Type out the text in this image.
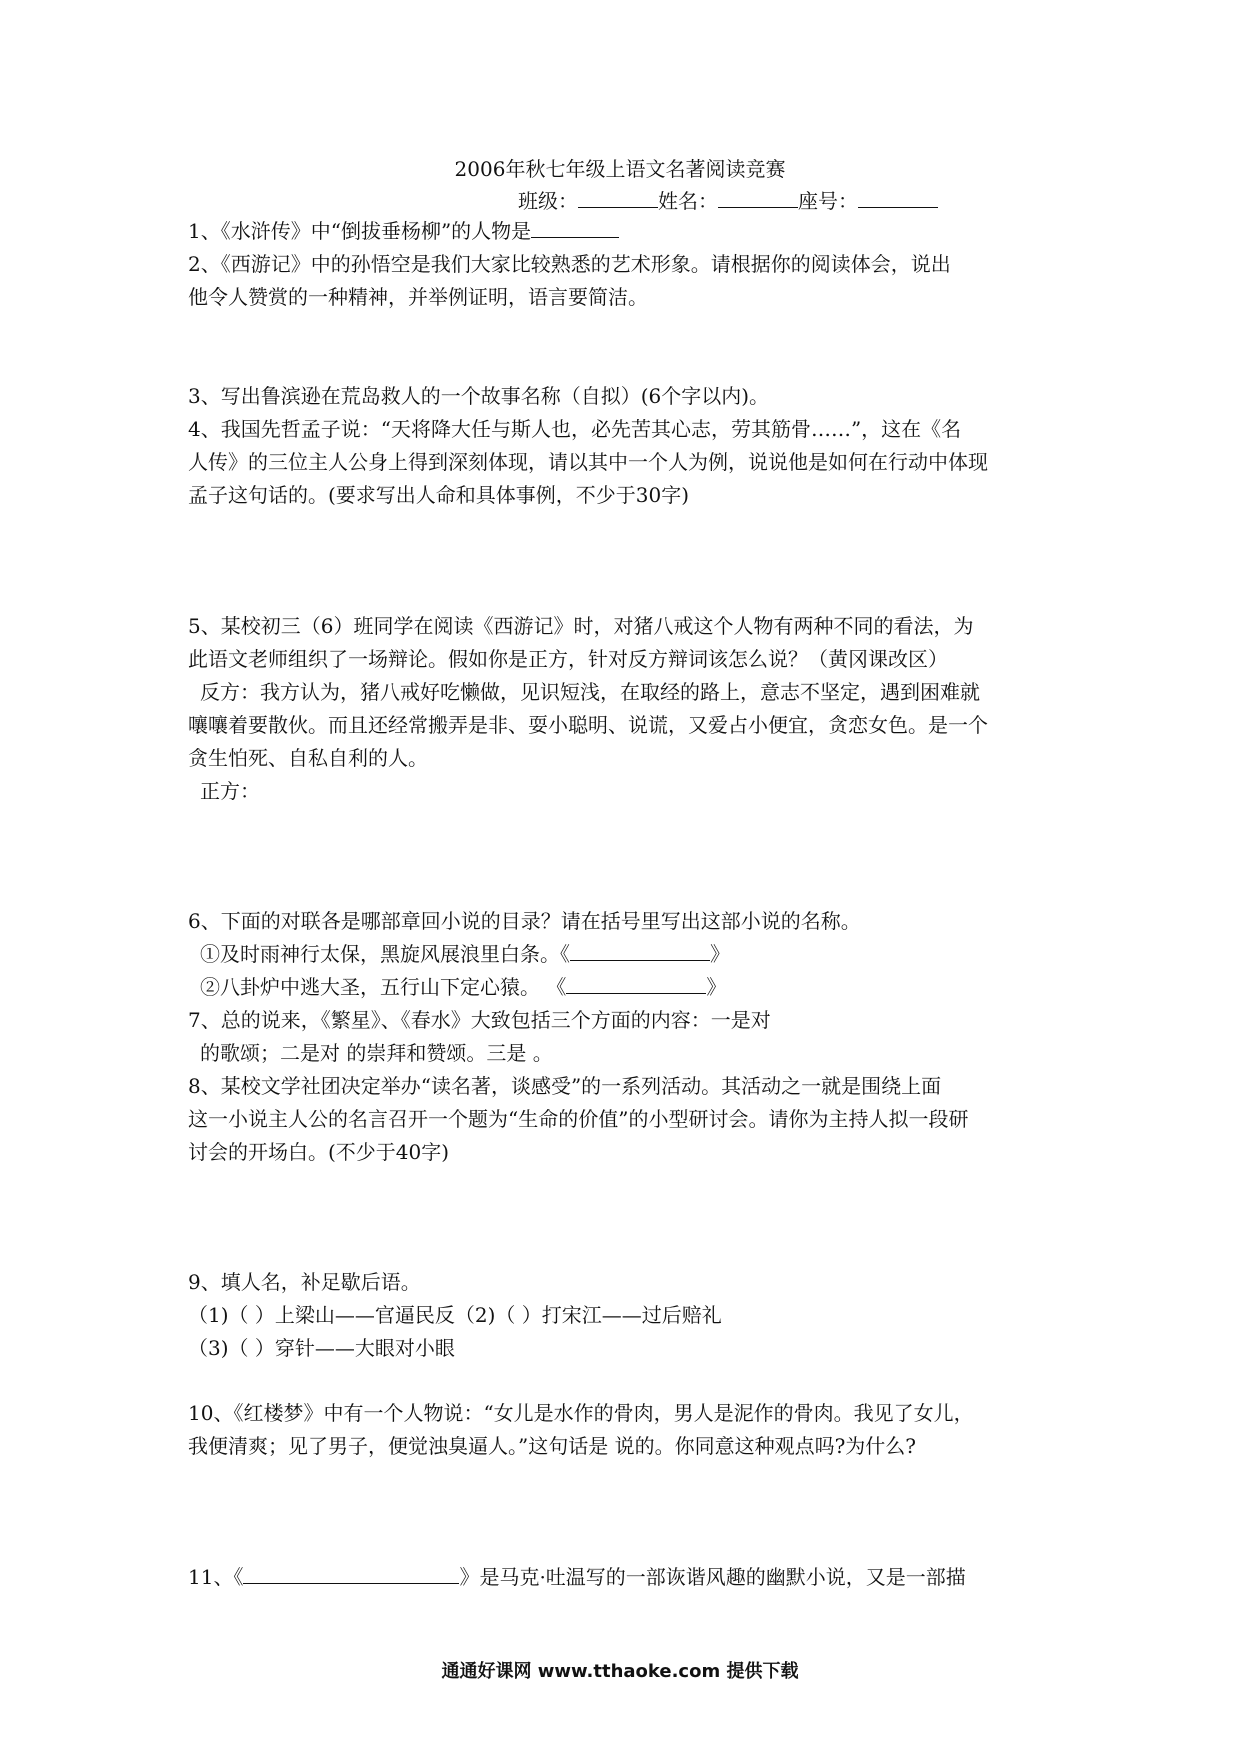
2006年秋七年级上语文名著阅读竞赛
班级：	姓名：	座号：
1、《水浒传》中“倒拔垂杨柳”的人物是
2、《西游记》中的孙悟空是我们大家比较熟悉的艺术形象。请根据你的阅读体会，说出
他令人赞赏的一种精神，并举例证明，语言要简洁。
3、写出鲁滨逊在荒岛救人的一个故事名称（自拟）(6个字以内)。
4、我国先哲孟子说：“天将降大任与斯人也，必先苦其心志，劳其筋骨……”，这在《名
人传》的三位主人公身上得到深刻体现，请以其中一个人为例，说说他是如何在行动中体现
孟子这句话的。(要求写出人命和具体事例，不少于30字)
5、某校初三（6）班同学在阅读《西游记》时，对猪八戒这个人物有两种不同的看法，为
此语文老师组织了一场辩论。假如你是正方，针对反方辩词该怎么说？（黄冈课改区）
反方：我方认为，猪八戒好吃懒做，见识短浅，在取经的路上，意志不坚定，遇到困难就
嚷嚷着要散伙。而且还经常搬弄是非、耍小聪明、说谎，又爱占小便宜，贪恋女色。是一个
贪生怕死、自私自利的人。
正方：
6、下面的对联各是哪部章回小说的目录？请在括号里写出这部小说的名称。
①及时雨神行太保，黑旋风展浪里白条。《	》
②八卦炉中逃大圣，五行山下定心猿。 《	》
7、总的说来，《繁星》、《春水》大致包括三个方面的内容：一是对
的歌颂；二是对 的崇拜和赞颂。三是 。
8、某校文学社团决定举办“读名著，谈感受”的一系列活动。其活动之一就是围绕上面
这一小说主人公的名言召开一个题为“生命的价值”的小型研讨会。请你为主持人拟一段研
讨会的开场白。(不少于40字)
9、填人名，补足歇后语。
（1)（ ）上梁山——官逼民反（2)（ ）打宋江——过后赔礼
（3)（ ）穿针——大眼对小眼
10、《红楼梦》中有一个人物说：“女儿是水作的骨肉，男人是泥作的骨肉。我见了女儿，
我便清爽；见了男子，便觉浊臭逼人。”这句话是 说的。你同意这种观点吗?为什么?
11、《	》是马克·吐温写的一部诙谐风趣的幽默小说，又是一部描
通通好课网 www.tthaoke.com 提供下载
